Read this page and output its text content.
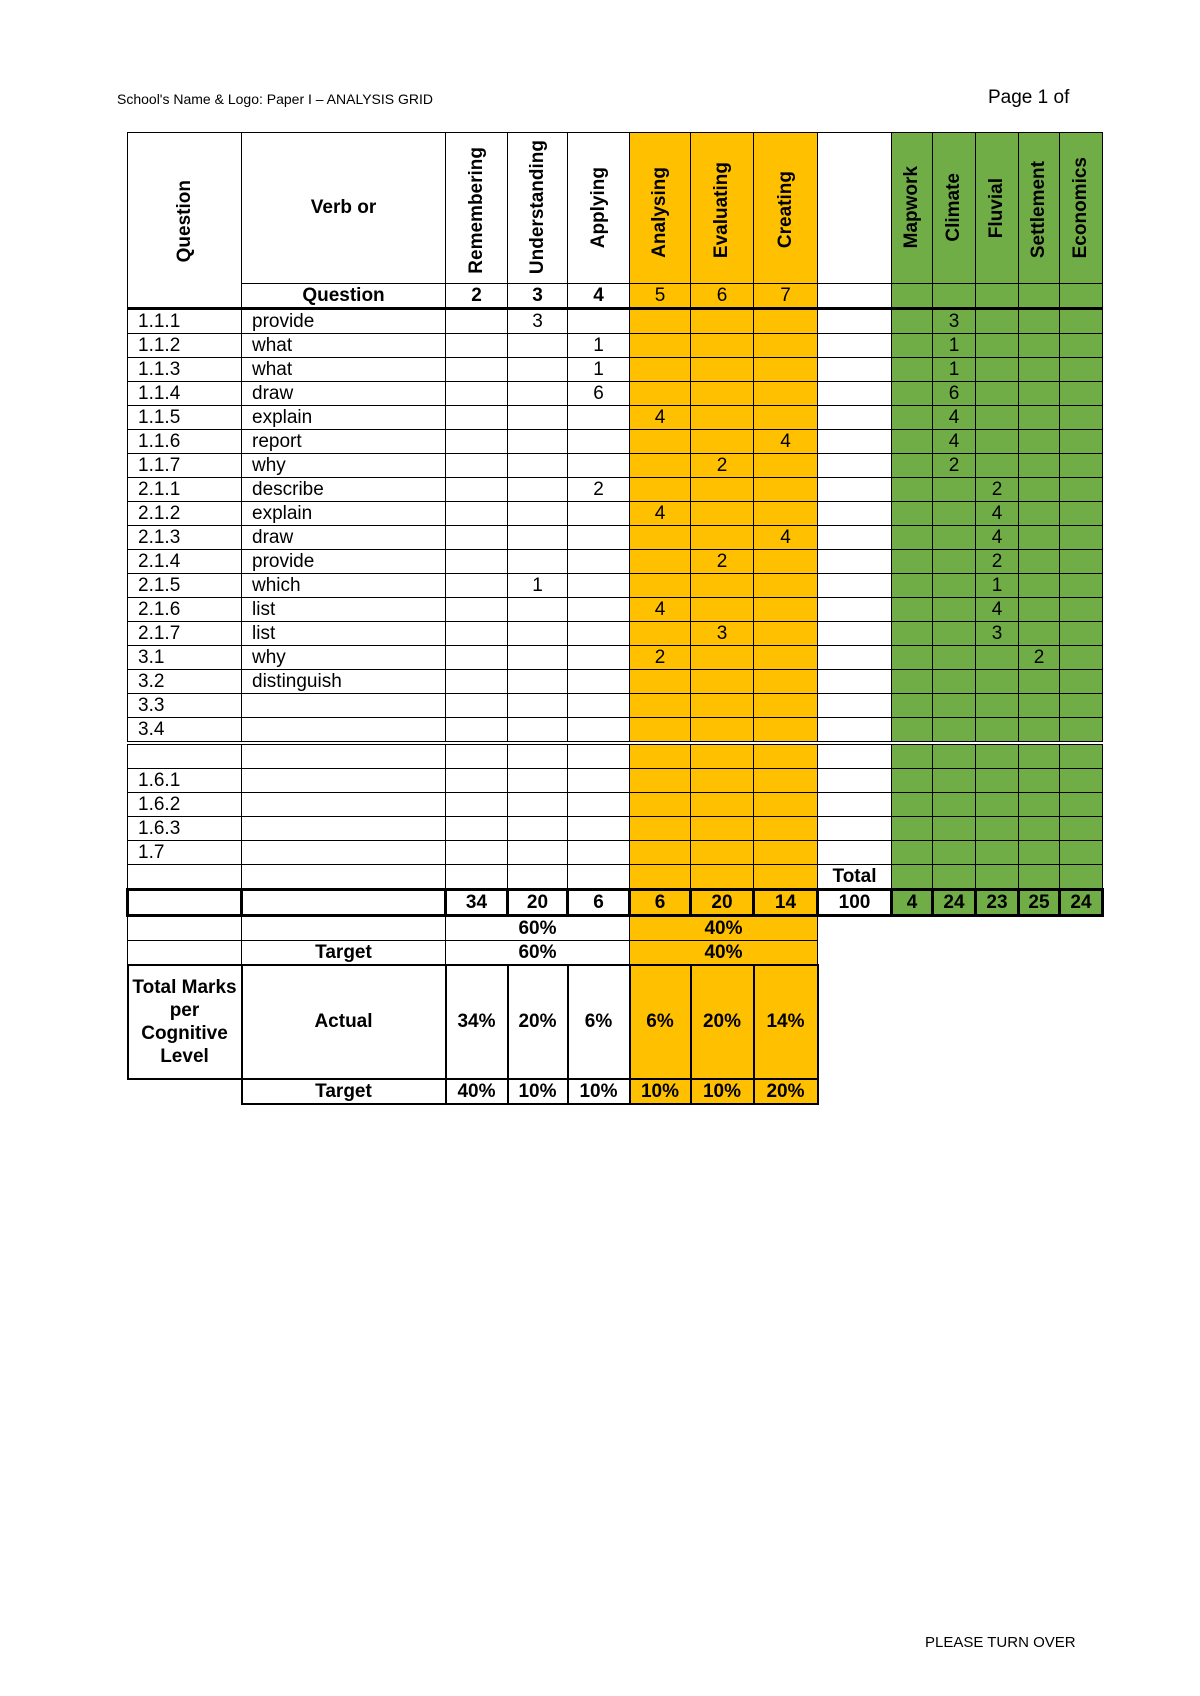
School's Name & Logo: Paper I – ANALYSIS GRID	Page 1 of
Question	Verb or	Remembering	Understanding	Applying	Analysing	Evaluating	Creating		Mapwork	Climate	Fluvial	Settlement	Economics
	Question	2	3	4	5	6	7						
1.1.1	provide		3							3			
1.1.2	what			1						1			
1.1.3	what			1						1			
1.1.4	draw			6						6			
1.1.5	explain				4					4			
1.1.6	report						4			4			
1.1.7	why					2				2			
2.1.1	describe			2							2		
2.1.2	explain				4						4		
2.1.3	draw						4				4		
2.1.4	provide					2					2		
2.1.5	which		1								1		
2.1.6	list				4						4		
2.1.7	list					3					3		
3.1	why				2							2	
3.2	distinguish												
3.3													
3.4													

1.6.1													
1.6.2													
1.6.3													
1.7													
								Total					
		34	20	6	6	20	14	100	4	24	23	25	24
		60%			40%								
	Target	60%			40%								
Total Marks per Cognitive Level	Actual	34%	20%	6%	6%	20%	14%						
	Target	40%	10%	10%	10%	10%	20%						
PLEASE TURN OVER
